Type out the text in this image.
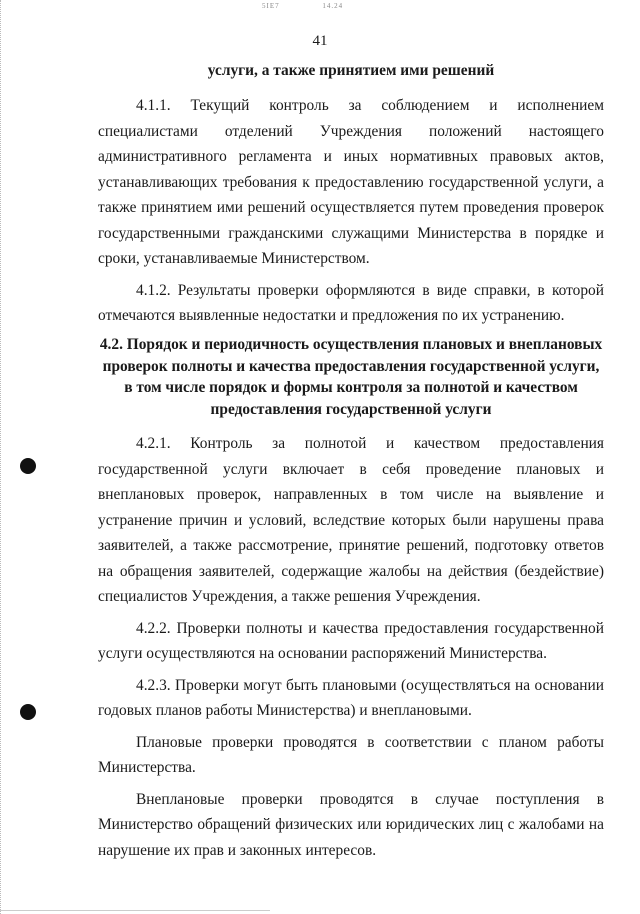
5IE7	14.24
41
услуги, а также принятием ими решений

4.1.1. Текущий контроль за соблюдением и исполнением специалистами отделений Учреждения положений настоящего административного регламента и иных нормативных правовых актов, устанавливающих требования к предоставлению государственной услуги, а также принятием ими решений осуществляется путем проведения проверок государственными гражданскими служащими Министерства в порядке и сроки, устанавливаемые Министерством.

4.1.2. Результаты проверки оформляются в виде справки, в которой отмечаются выявленные недостатки и предложения по их устранению.

4.2. Порядок и периодичность осуществления плановых и внеплановых проверок полноты и качества предоставления государственной услуги, в том числе порядок и формы контроля за полнотой и качеством предоставления государственной услуги

4.2.1. Контроль за полнотой и качеством предоставления государственной услуги включает в себя проведение плановых и внеплановых проверок, направленных в том числе на выявление и устранение причин и условий, вследствие которых были нарушены права заявителей, а также рассмотрение, принятие решений, подготовку ответов на обращения заявителей, содержащие жалобы на действия (бездействие) специалистов Учреждения, а также решения Учреждения.

4.2.2. Проверки полноты и качества предоставления государственной услуги осуществляются на основании распоряжений Министерства.

4.2.3. Проверки могут быть плановыми (осуществляться на основании годовых планов работы Министерства) и внеплановыми.

Плановые проверки проводятся в соответствии с планом работы Министерства.

Внеплановые проверки проводятся в случае поступления в Министерство обращений физических или юридических лиц с жалобами на нарушение их прав и законных интересов.
